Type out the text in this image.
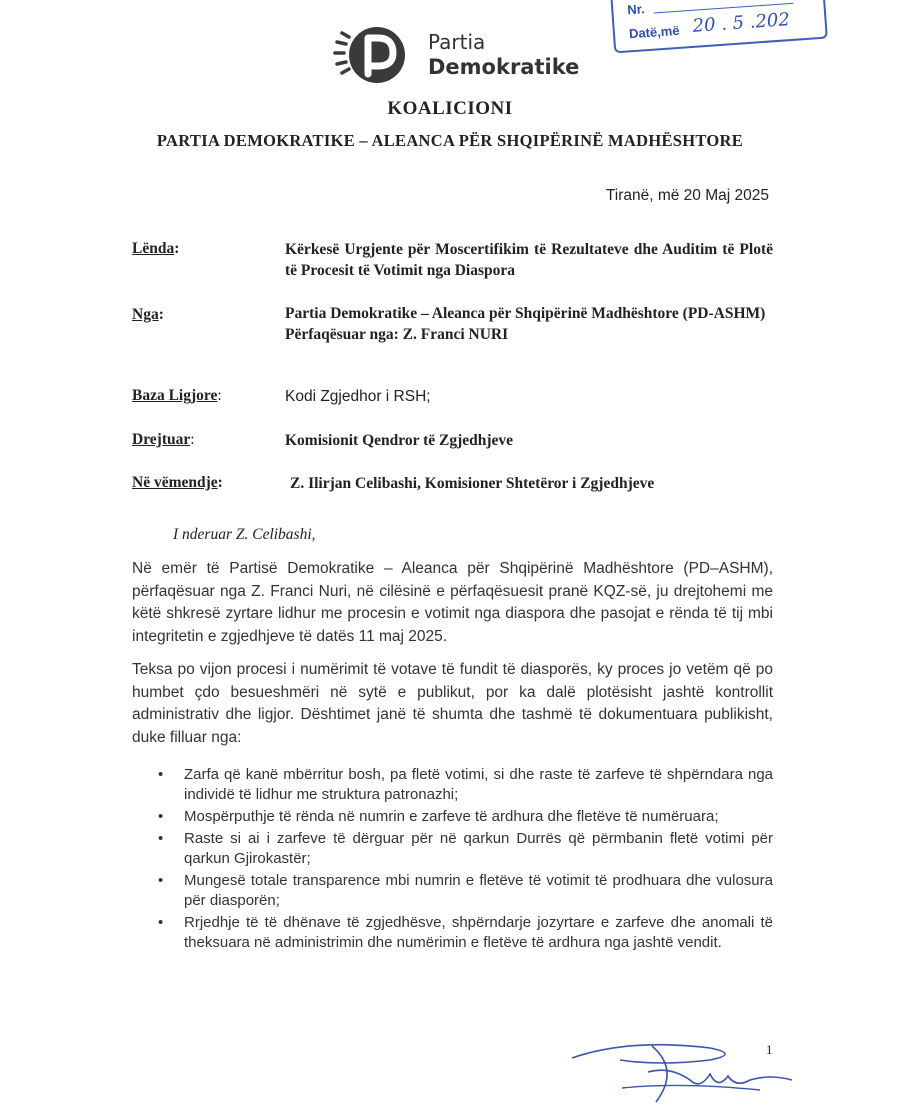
Nr.
Datë,më 20 . 5 .202
Partia
Demokratike
KOALICIONI
PARTIA DEMOKRATIKE – ALEANCA PËR SHQIPËRINË MADHËSHTORE
Tiranë, më 20 Maj 2025
Lënda:	Kërkesë Urgjente për Moscertifikim të Rezultateve dhe Auditim të Plotë të Procesit të Votimit nga Diaspora
Nga:	Partia Demokratike – Aleanca për Shqipërinë Madhështore (PD-ASHM)
Përfaqësuar nga: Z. Franci NURI
Baza Ligjore:	Kodi Zgjedhor i RSH;
Drejtuar:	Komisionit Qendror të Zgjedhjeve
Në vëmendje:	Z. Ilirjan Celibashi, Komisioner Shtetëror i Zgjedhjeve
I nderuar Z. Celibashi,
Në emër të Partisë Demokratike – Aleanca për Shqipërinë Madhështore (PD–ASHM), përfaqësuar nga Z. Franci Nuri, në cilësinë e përfaqësuesit pranë KQZ-së, ju drejtohemi me këtë shkresë zyrtare lidhur me procesin e votimit nga diaspora dhe pasojat e rënda të tij mbi integritetin e zgjedhjeve të datës 11 maj 2025.
Teksa po vijon procesi i numërimit të votave të fundit të diasporës, ky proces jo vetëm që po humbet çdo besueshmëri në sytë e publikut, por ka dalë plotësisht jashtë kontrollit administrativ dhe ligjor. Dështimet janë të shumta dhe tashmë të dokumentuara publikisht, duke filluar nga:
• Zarfa që kanë mbërritur bosh, pa fletë votimi, si dhe raste të zarfeve të shpërndara nga individë të lidhur me struktura patronazhi;
• Mospërputhje të rënda në numrin e zarfeve të ardhura dhe fletëve të numëruara;
• Raste si ai i zarfeve të dërguar për në qarkun Durrës që përmbanin fletë votimi për qarkun Gjirokastër;
• Mungesë totale transparence mbi numrin e fletëve të votimit të prodhuara dhe vulosura për diasporën;
• Rrjedhje të të dhënave të zgjedhësve, shpërndarje jozyrtare e zarfeve dhe anomali të theksuara në administrimin dhe numërimin e fletëve të ardhura nga jashtë vendit.
1
